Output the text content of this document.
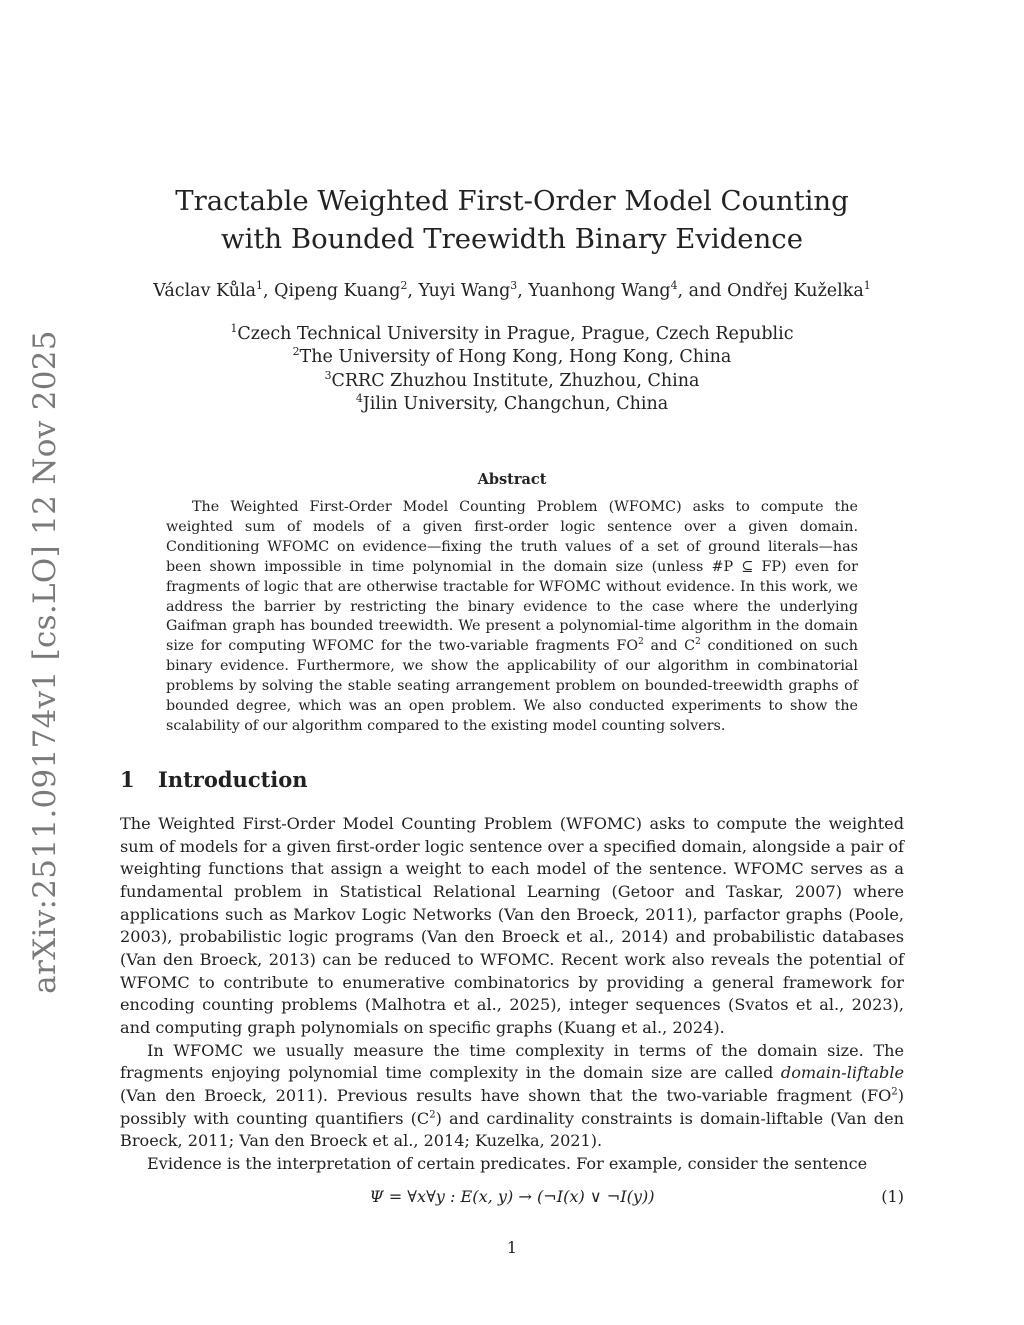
arXiv:2511.09174v1 [cs.LO] 12 Nov 2025
Tractable Weighted First-Order Model Counting
with Bounded Treewidth Binary Evidence
Václav Kůla$^1$, Qipeng Kuang$^2$, Yuyi Wang$^3$, Yuanhong Wang$^4$, and Ondřej Kuželka$^1$
$^1$Czech Technical University in Prague, Prague, Czech Republic
$^2$The University of Hong Kong, Hong Kong, China
$^3$CRRC Zhuzhou Institute, Zhuzhou, China
$^4$Jilin University, Changchun, China
Abstract
The Weighted First-Order Model Counting Problem (WFOMC) asks to compute the weighted sum of models of a given first-order logic sentence over a given domain. Conditioning WFOMC on evidence—fixing the truth values of a set of ground literals—has been shown impossible in time polynomial in the domain size (unless #P ⊆ FP) even for fragments of logic that are otherwise tractable for WFOMC without evidence. In this work, we address the barrier by restricting the binary evidence to the case where the underlying Gaifman graph has bounded treewidth. We present a polynomial-time algorithm in the domain size for computing WFOMC for the two-variable fragments $FO^2$ and $C^2$ conditioned on such binary evidence. Furthermore, we show the applicability of our algorithm in combinatorial problems by solving the stable seating arrangement problem on bounded-treewidth graphs of bounded degree, which was an open problem. We also conducted experiments to show the scalability of our algorithm compared to the existing model counting solvers.
1 Introduction

The Weighted First-Order Model Counting Problem (WFOMC) asks to compute the weighted sum of models for a given first-order logic sentence over a specified domain, alongside a pair of weighting functions that assign a weight to each model of the sentence. WFOMC serves as a fundamental problem in Statistical Relational Learning (Getoor and Taskar, 2007) where applications such as Markov Logic Networks (Van den Broeck, 2011), parfactor graphs (Poole, 2003), probabilistic logic programs (Van den Broeck et al., 2014) and probabilistic databases (Van den Broeck, 2013) can be reduced to WFOMC. Recent work also reveals the potential of WFOMC to contribute to enumerative combinatorics by providing a general framework for encoding counting problems (Malhotra et al., 2025), integer sequences (Svatos et al., 2023), and computing graph polynomials on specific graphs (Kuang et al., 2024).

In WFOMC we usually measure the time complexity in terms of the domain size. The fragments enjoying polynomial time complexity in the domain size are called domain-liftable (Van den Broeck, 2011). Previous results have shown that the two-variable fragment $(FO^2)$ possibly with counting quantifiers $(C^2)$ and cardinality constraints is domain-liftable (Van den Broeck, 2011; Van den Broeck et al., 2014; Kuzelka, 2021).

Evidence is the interpretation of certain predicates. For example, consider the sentence

Ψ = ∀x∀y : E(x, y) → (¬I(x) ∨ ¬I(y))	(1)
1
